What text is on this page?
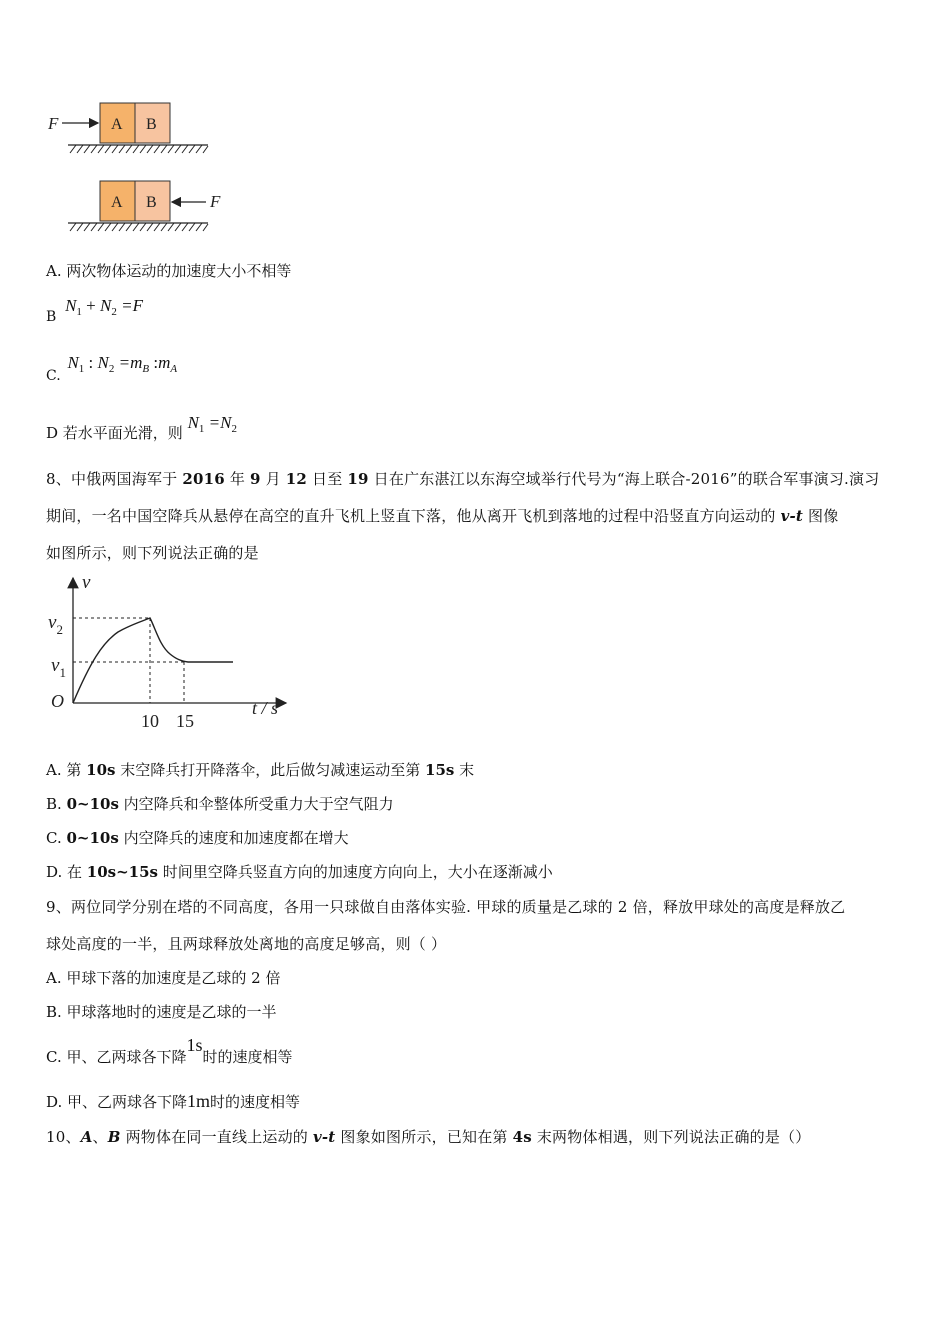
F	A B
A B	F
A. 两次物体运动的加速度大小不相等
B $N_1 + N_2 =F$
C. $N_1$ : $N_2 =m_B$ $:m_A$
D 若水平面光滑，则 $N_1 =N_2$
8、中俄两国海军于 2016 年 9 月 12 日至 19 日在广东湛江以东海空域举行代号为“海上联合-2016”的联合军事演习.演习
期间，一名中国空降兵从悬停在高空的直升飞机上竖直下落，他从离开飞机到落地的过程中沿竖直方向运动的 v-t 图像
如图所示，则下列说法正确的是
v
$v_2$
$v_1$
O
10 15
t / s
A. 第 10s 末空降兵打开降落伞，此后做匀减速运动至第 15s 末
B. 0~10s 内空降兵和伞整体所受重力大于空气阻力
C. 0~10s 内空降兵的速度和加速度都在增大
D. 在 10s~15s 时间里空降兵竖直方向的加速度方向向上，大小在逐渐减小
9、两位同学分别在塔的不同高度，各用一只球做自由落体实验. 甲球的质量是乙球的 2 倍，释放甲球处的高度是释放乙
球处高度的一半，且两球释放处离地的高度足够高，则（ ）
A. 甲球下落的加速度是乙球的 2 倍
B. 甲球落地时的速度是乙球的一半
C. 甲、乙两球各下降1s时的速度相等
D. 甲、乙两球各下降1m时的速度相等
10、A、B 两物体在同一直线上运动的 v-t 图象如图所示，已知在第 4s 末两物体相遇，则下列说法正确的是（）
